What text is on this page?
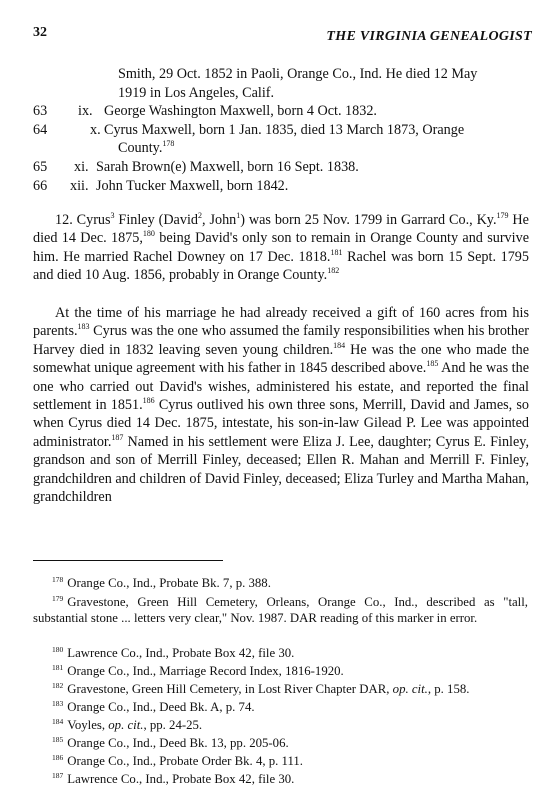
32	THE VIRGINIA GENEALOGIST
Smith, 29 Oct. 1852 in Paoli, Orange Co., Ind. He died 12 May
1919 in Los Angeles, Calif.
63 ix. George Washington Maxwell, born 4 Oct. 1832.
64	x. Cyrus Maxwell, born 1 Jan. 1835, died 13 March 1873, Orange
County.$^{178}$
65 xi. Sarah Brown(e) Maxwell, born 16 Sept. 1838.
66 xii. John Tucker Maxwell, born 1842.

12. Cyrus$^3$ Finley (David$^2$, John$^1$) was born 25 Nov. 1799 in Garrard Co., Ky.$^{179}$ He died 14 Dec. 1875,$^{180}$ being David's only son to remain in Orange County and survive him. He married Rachel Downey on 17 Dec. 1818.$^{181}$ Rachel was born 15 Sept. 1795 and died 10 Aug. 1856, probably in Orange County.$^{182}$

At the time of his marriage he had already received a gift of 160 acres from his parents.$^{183}$ Cyrus was the one who assumed the family responsibilities when his brother Harvey died in 1832 leaving seven young children.$^{184}$ He was the one who made the somewhat unique agreement with his father in 1845 described above.$^{185}$ And he was the one who carried out David's wishes, administered his estate, and reported the final settlement in 1851.$^{186}$ Cyrus outlived his own three sons, Merrill, David and James, so when Cyrus died 14 Dec. 1875, intestate, his son-in-law Gilead P. Lee was appointed administrator.$^{187}$ Named in his settlement were Eliza J. Lee, daughter; Cyrus E. Finley, grandson and son of Merrill Finley, deceased; Ellen R. Mahan and Merrill F. Finley, grandchildren and children of David Finley, deceased; Eliza Turley and Martha Mahan, grandchildren

$^{178}$ Orange Co., Ind., Probate Bk. 7, p. 388.
$^{179}$ Gravestone, Green Hill Cemetery, Orleans, Orange Co., Ind., described as "tall, substantial stone ... letters very clear," Nov. 1987. DAR reading of this marker in error.
$^{180}$ Lawrence Co., Ind., Probate Box 42, file 30.
$^{181}$ Orange Co., Ind., Marriage Record Index, 1816-1920.
$^{182}$ Gravestone, Green Hill Cemetery, in Lost River Chapter DAR, op. cit., p. 158.
$^{183}$ Orange Co., Ind., Deed Bk. A, p. 74.
$^{184}$ Voyles, op. cit., pp. 24-25.
$^{185}$ Orange Co., Ind., Deed Bk. 13, pp. 205-06.
$^{186}$ Orange Co., Ind., Probate Order Bk. 4, p. 111.
$^{187}$ Lawrence Co., Ind., Probate Box 42, file 30.
